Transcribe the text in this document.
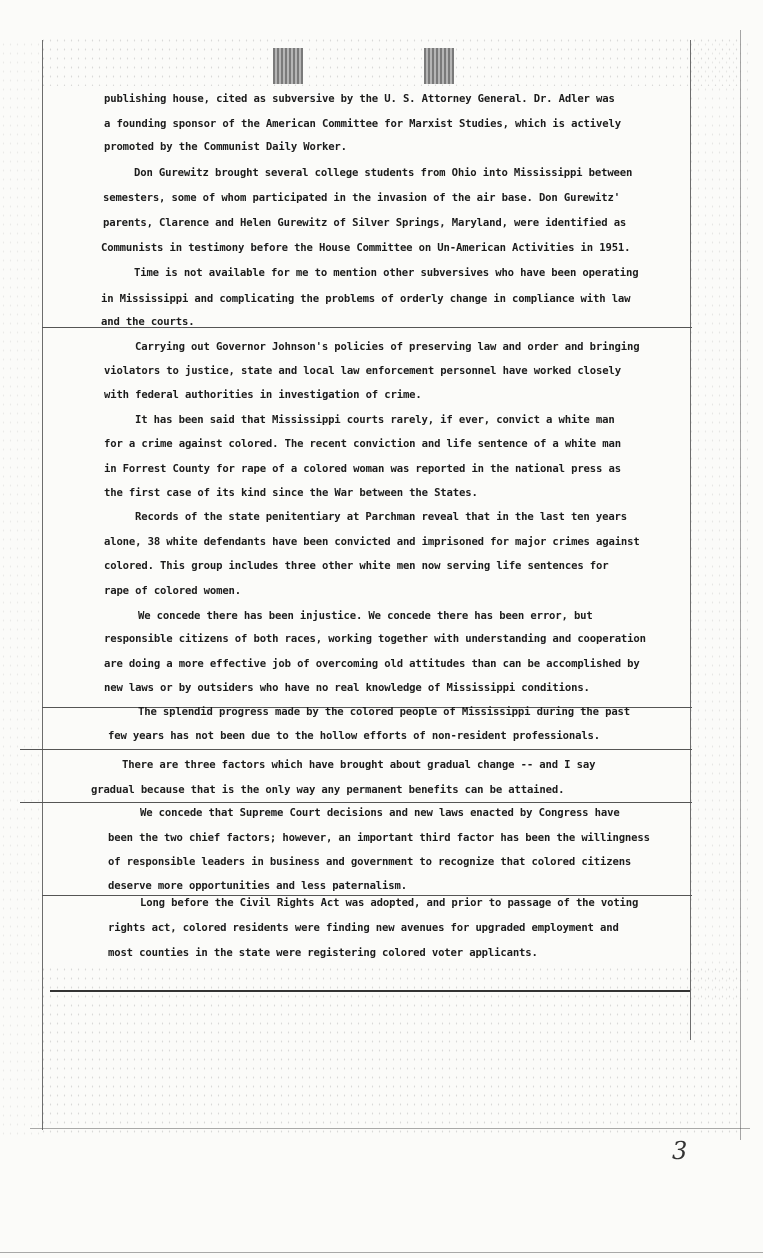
publishing house, cited as subversive by the U. S. Attorney General. Dr. Adler was

a founding sponsor of the American Committee for Marxist Studies, which is actively

promoted by the Communist Daily Worker.

Don Gurewitz brought several college students from Ohio into Mississippi between

semesters, some of whom participated in the invasion of the air base. Don Gurewitz'

parents, Clarence and Helen Gurewitz of Silver Springs, Maryland, were identified as

Communists in testimony before the House Committee on Un-American Activities in 1951.

Time is not available for me to mention other subversives who have been operating

in Mississippi and complicating the problems of orderly change in compliance with law

and the courts.

Carrying out Governor Johnson's policies of preserving law and order and bringing

violators to justice, state and local law enforcement personnel have worked closely

with federal authorities in investigation of crime.

It has been said that Mississippi courts rarely, if ever, convict a white man

for a crime against colored. The recent conviction and life sentence of a white man

in Forrest County for rape of a colored woman was reported in the national press as

the first case of its kind since the War between the States.

Records of the state penitentiary at Parchman reveal that in the last ten years

alone, 38 white defendants have been convicted and imprisoned for major crimes against

colored. This group includes three other white men now serving life sentences for

rape of colored women.

We concede there has been injustice. We concede there has been error, but

responsible citizens of both races, working together with understanding and cooperation

are doing a more effective job of overcoming old attitudes than can be accomplished by

new laws or by outsiders who have no real knowledge of Mississippi conditions.

The splendid progress made by the colored people of Mississippi during the past

few years has not been due to the hollow efforts of non-resident professionals.

There are three factors which have brought about gradual change -- and I say

gradual because that is the only way any permanent benefits can be attained.

We concede that Supreme Court decisions and new laws enacted by Congress have

been the two chief factors; however, an important third factor has been the willingness

of responsible leaders in business and government to recognize that colored citizens

deserve more opportunities and less paternalism.

Long before the Civil Rights Act was adopted, and prior to passage of the voting

rights act, colored residents were finding new avenues for upgraded employment and

most counties in the state were registering colored voter applicants.

3
